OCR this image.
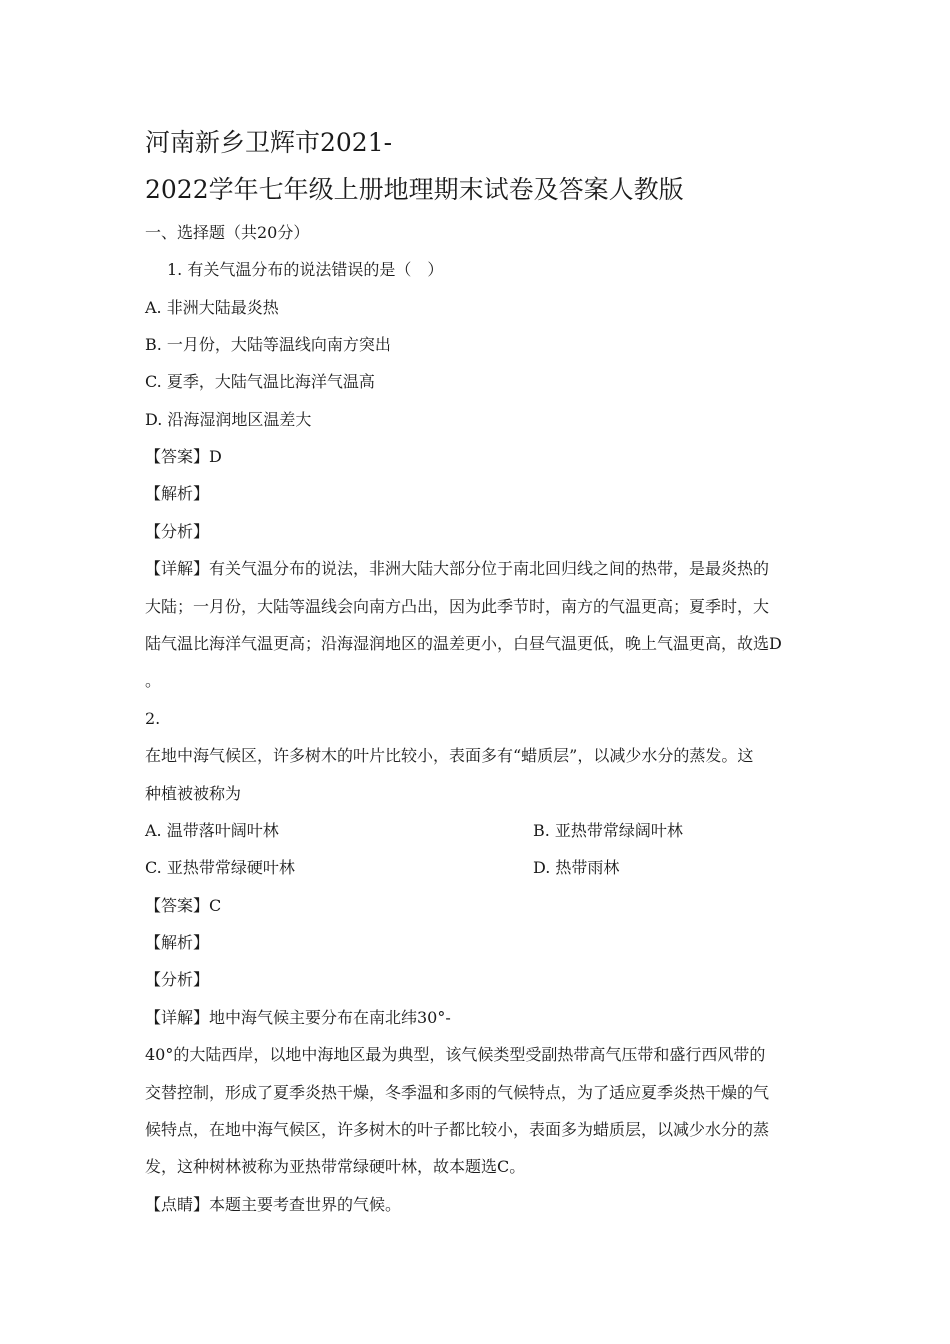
河南新乡卫辉市2021-
2022学年七年级上册地理期末试卷及答案人教版
一、选择题（共20分）
1. 有关气温分布的说法错误的是（　）
A. 非洲大陆最炎热
B. 一月份，大陆等温线向南方突出
C. 夏季，大陆气温比海洋气温高
D. 沿海湿润地区温差大
【答案】D
【解析】
【分析】
【详解】有关气温分布的说法，非洲大陆大部分位于南北回归线之间的热带，是最炎热的
大陆；一月份，大陆等温线会向南方凸出，因为此季节时，南方的气温更高；夏季时，大
陆气温比海洋气温更高；沿海湿润地区的温差更小，白昼气温更低，晚上气温更高，故选D
。
2.
在地中海气候区，许多树木的叶片比较小，表面多有“蜡质层”，以减少水分的蒸发。这
种植被被称为
A. 温带落叶阔叶林	B. 亚热带常绿阔叶林
C. 亚热带常绿硬叶林	D. 热带雨林
【答案】C
【解析】
【分析】
【详解】地中海气候主要分布在南北纬30°-
40°的大陆西岸，以地中海地区最为典型，该气候类型受副热带高气压带和盛行西风带的
交替控制，形成了夏季炎热干燥，冬季温和多雨的气候特点，为了适应夏季炎热干燥的气
候特点，在地中海气候区，许多树木的叶子都比较小，表面多为蜡质层，以减少水分的蒸
发，这种树林被称为亚热带常绿硬叶林，故本题选C。
【点睛】本题主要考查世界的气候。
